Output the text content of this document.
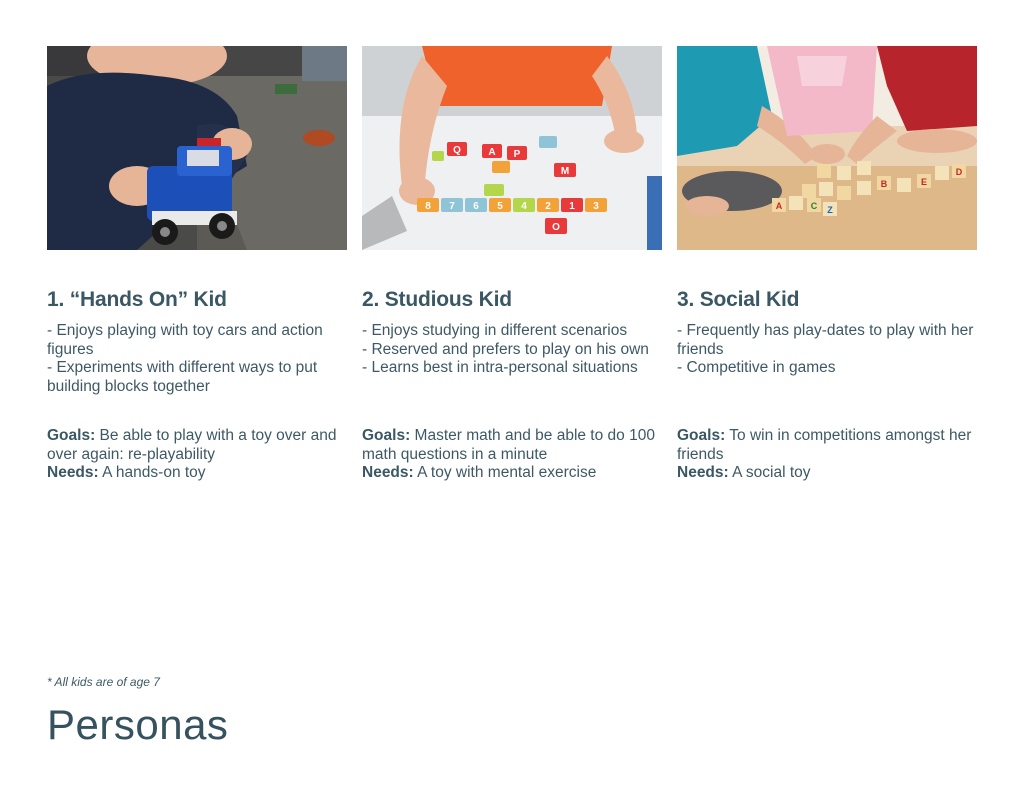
1. “Hands On” Kid
- Enjoys playing with toy cars and action figures
- Experiments with different ways to put building blocks together

Goals: Be able to play with a toy over and over again: re-playability

Needs: A hands-on toy

8 7 6 5 4 2 1 3
M
O
A P
Q
2. Studious Kid
- Enjoys studying in different scenarios
- Reserved and prefers to play on his own
- Learns best in intra-personal situations

Goals: Master math and be able to do 100 math questions in a minute

Needs: A toy with mental exercise

A	C Z
B	E
D
3. Social Kid
- Frequently has play-dates to play with her friends
- Competitive in games

Goals: To win in competitions amongst her friends

Needs: A social toy

* All kids are of age 7
Personas
